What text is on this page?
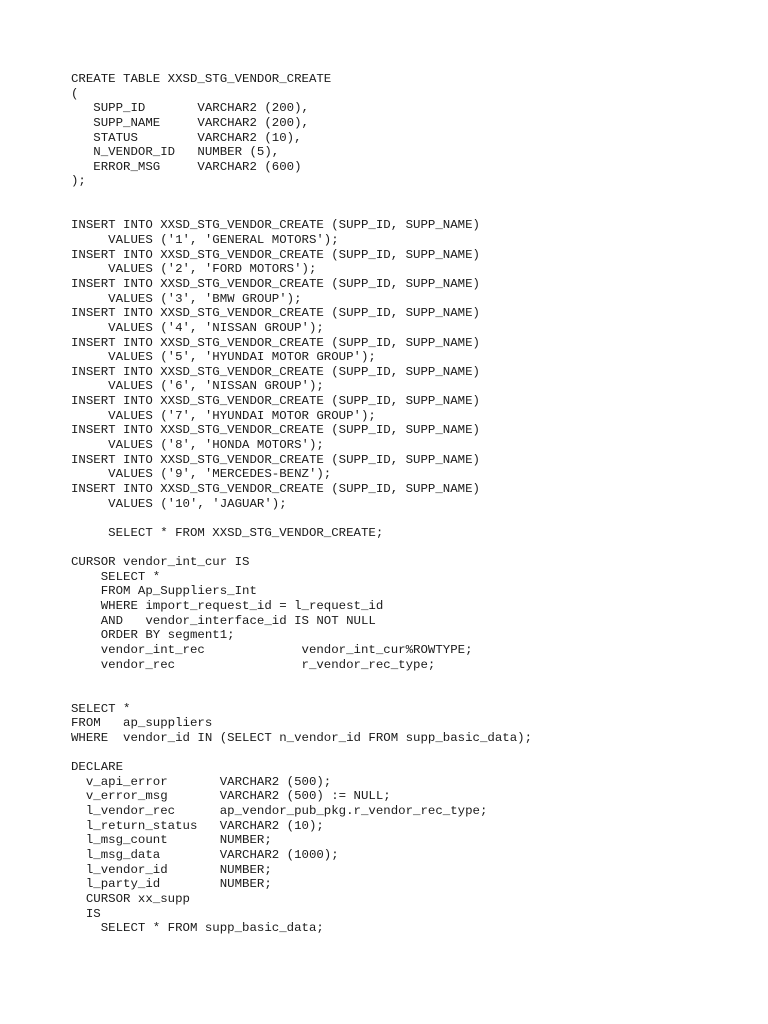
CREATE TABLE XXSD_STG_VENDOR_CREATE
(
SUPP_ID       VARCHAR2 (200),
SUPP_NAME     VARCHAR2 (200),
STATUS        VARCHAR2 (10),
N_VENDOR_ID   NUMBER (5),
ERROR_MSG     VARCHAR2 (600)
);
INSERT INTO XXSD_STG_VENDOR_CREATE (SUPP_ID, SUPP_NAME)
VALUES ('1', 'GENERAL MOTORS');
INSERT INTO XXSD_STG_VENDOR_CREATE (SUPP_ID, SUPP_NAME)
VALUES ('2', 'FORD MOTORS');
INSERT INTO XXSD_STG_VENDOR_CREATE (SUPP_ID, SUPP_NAME)
VALUES ('3', 'BMW GROUP');
INSERT INTO XXSD_STG_VENDOR_CREATE (SUPP_ID, SUPP_NAME)
VALUES ('4', 'NISSAN GROUP');
INSERT INTO XXSD_STG_VENDOR_CREATE (SUPP_ID, SUPP_NAME)
VALUES ('5', 'HYUNDAI MOTOR GROUP');
INSERT INTO XXSD_STG_VENDOR_CREATE (SUPP_ID, SUPP_NAME)
VALUES ('6', 'NISSAN GROUP');
INSERT INTO XXSD_STG_VENDOR_CREATE (SUPP_ID, SUPP_NAME)
VALUES ('7', 'HYUNDAI MOTOR GROUP');
INSERT INTO XXSD_STG_VENDOR_CREATE (SUPP_ID, SUPP_NAME)
VALUES ('8', 'HONDA MOTORS');
INSERT INTO XXSD_STG_VENDOR_CREATE (SUPP_ID, SUPP_NAME)
VALUES ('9', 'MERCEDES-BENZ');
INSERT INTO XXSD_STG_VENDOR_CREATE (SUPP_ID, SUPP_NAME)
VALUES ('10', 'JAGUAR');
SELECT * FROM XXSD_STG_VENDOR_CREATE;
CURSOR vendor_int_cur IS
SELECT *
FROM Ap_Suppliers_Int
WHERE import_request_id = l_request_id
AND   vendor_interface_id IS NOT NULL
ORDER BY segment1;
vendor_int_rec             vendor_int_cur%ROWTYPE;
vendor_rec                 r_vendor_rec_type;
SELECT *
FROM   ap_suppliers
WHERE  vendor_id IN (SELECT n_vendor_id FROM supp_basic_data);
DECLARE
v_api_error       VARCHAR2 (500);
v_error_msg       VARCHAR2 (500) := NULL;
l_vendor_rec      ap_vendor_pub_pkg.r_vendor_rec_type;
l_return_status   VARCHAR2 (10);
l_msg_count       NUMBER;
l_msg_data        VARCHAR2 (1000);
l_vendor_id       NUMBER;
l_party_id        NUMBER;
CURSOR xx_supp
IS
SELECT * FROM supp_basic_data;
